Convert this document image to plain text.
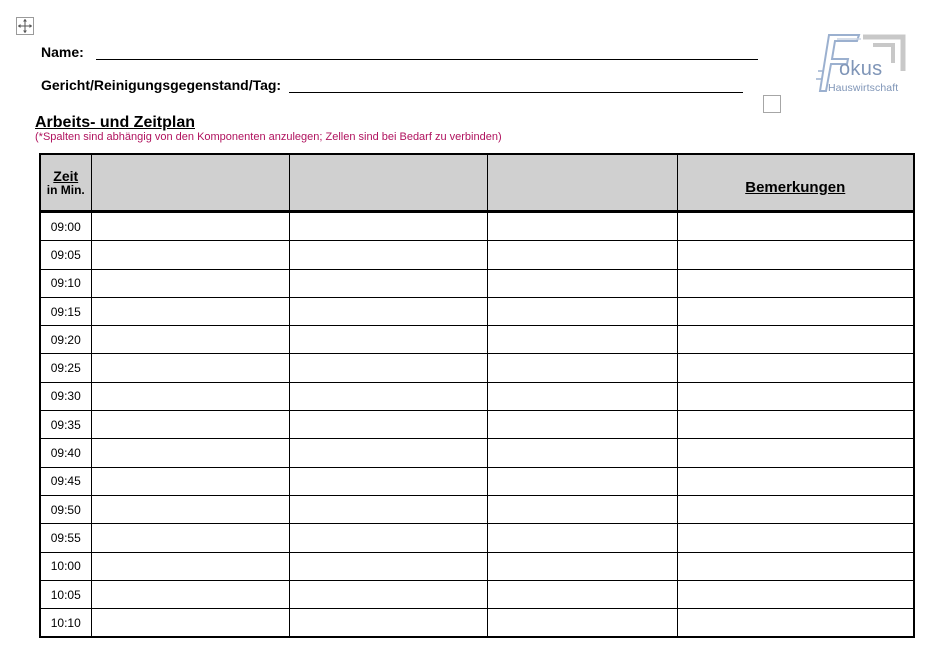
Name:
Gericht/Reinigungsgegenstand/Tag:
okus
Hauswirtschaft
Arbeits- und Zeitplan
(*Spalten sind abhängig von den Komponenten anzulegen; Zellen sind bei Bedarf zu verbinden)
Zeit
in Min.				Bemerkungen
09:00				
09:05				
09:10				
09:15				
09:20				
09:25				
09:30				
09:35				
09:40				
09:45				
09:50				
09:55				
10:00				
10:05				
10:10				
